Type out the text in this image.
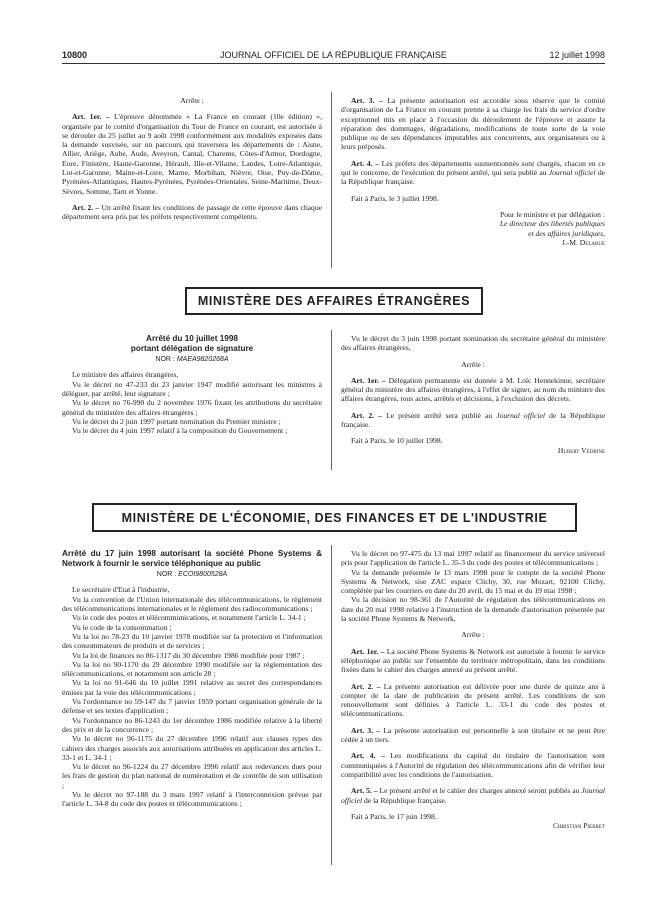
10800	JOURNAL OFFICIEL DE LA RÉPUBLIQUE FRANÇAISE	12 juillet 1998

Arrête :

Art. 1er. – L'épreuve dénommée « La France en courant (10e édition) », organisée par le comité d'organisation du Tour de France en courant, est autorisée à se dérouler du 25 juillet au 9 août 1998 conformément aux modalités exposées dans la demande susvisée, sur un parcours qui traversera les départements de : Aisne, Allier, Ariège, Aube, Aude, Aveyron, Cantal, Charente, Côtes-d'Armor, Dordogne, Eure, Finistère, Haute-Garonne, Hérault, Ille-et-Vilaine, Landes, Loire-Atlantique, Lot-et-Garonne, Maine-et-Loire, Marne, Morbihan, Nièvre, Oise, Puy-de-Dôme, Pyrénées-Atlantiques, Hautes-Pyrénées, Pyrénées-Orientales, Seine-Maritime, Deux-Sèvres, Somme, Tarn et Yonne.

Art. 2. – Un arrêté fixant les conditions de passage de cette épreuve dans chaque département sera pris par les préfets respectivement compétents.

Art. 3. – La présente autorisation est accordée sous réserve que le comité d'organisation de La France en courant prenne à sa charge les frais du service d'ordre exceptionnel mis en place à l'occasion du déroulement de l'épreuve et assure la réparation des dommages, dégradations, modifications de toute sorte de la voie publique ou de ses dépendances imputables aux concurrents, aux organisateurs ou à leurs préposés.

Art. 4. – Les préfets des départements susmentionnés sont chargés, chacun en ce qui le concerne, de l'exécution du présent arrêté, qui sera publié au Journal officiel de la République française.

Fait à Paris, le 3 juillet 1998.

Pour le ministre et par délégation :

Le directeur des libertés publiques

et des affaires juridiques,

J.-M. Delarue

MINISTÈRE DES AFFAIRES ÉTRANGÈRES
Arrêté du 10 juillet 1998
portant délégation de signature
NOR : MAEA9820268A

Le ministre des affaires étrangères,

Vu le décret no 47-233 du 23 janvier 1947 modifié autorisant les ministres à déléguer, par arrêté, leur signature ;

Vu le décret no 76-990 du 2 novembre 1976 fixant les attributions du secrétaire général du ministère des affaires étrangères ;

Vu le décret du 2 juin 1997 portant nomination du Premier ministre ;

Vu le décret du 4 juin 1997 relatif à la composition du Gouvernement ;

Vu le décret du 3 juin 1998 portant nomination du secrétaire général du ministère des affaires étrangères,

Arrête :

Art. 1er. – Délégation permanente est donnée à M. Loïc Hennekinne, secrétaire général du ministère des affaires étrangères, à l'effet de signer, au nom du ministre des affaires étrangères, tous actes, arrêtés et décisions, à l'exclusion des décrets.

Art. 2. – Le présent arrêté sera publié au Journal officiel de la République française.

Fait à Paris, le 10 juillet 1998.

Hubert Védrine

MINISTÈRE DE L'ÉCONOMIE, DES FINANCES ET DE L'INDUSTRIE
Arrêté du 17 juin 1998 autorisant la société Phone Systems & Network à fournir le service téléphonique au public
NOR : ECOI9800528A

Le secrétaire d'Etat à l'industrie,

Vu la convention de l'Union internationale des télécommunications, le règlement des télécommunications internationales et le règlement des radiocommunications ;

Vu le code des postes et télécommunications, et notamment l'article L. 34-1 ;

Vu le code de la consommation ;

Vu la loi no 78-23 du 10 janvier 1978 modifiée sur la protection et l'information des consommateurs de produits et de services ;

Vu la loi de finances no 86-1317 du 30 décembre 1986 modifiée pour 1987 ;

Vu la loi no 90-1170 du 29 décembre 1990 modifiée sur la réglementation des télécommunications, et notamment son article 28 ;

Vu la loi no 91-646 du 10 juillet 1991 relative au secret des correspondances émises par la voie des télécommunications ;

Vu l'ordonnance no 59-147 du 7 janvier 1959 portant organisation générale de la défense et ses textes d'application ;

Vu l'ordonnance no 86-1243 du 1er décembre 1986 modifiée relative à la liberté des prix et de la concurrence ;

Vu le décret no 96-1175 du 27 décembre 1996 relatif aux clauses types des cahiers des charges associés aux autorisations attribuées en application des articles L. 33-1 et L. 34-1 ;

Vu le décret no 96-1224 du 27 décembre 1996 relatif aux redevances dues pour les frais de gestion du plan national de numérotation et de contrôle de son utilisation ;

Vu le décret no 97-188 du 3 mars 1997 relatif à l'interconnexion prévue par l'article L. 34-8 du code des postes et télécommunications ;

Vu le décret no 97-475 du 13 mai 1997 relatif au financement du service universel pris pour l'application de l'article L. 35-3 du code des postes et télécommunications ;

Vu la demande présentée le 13 mars 1998 pour le compte de la société Phone Systems & Network, sise ZAC espace Clichy, 30, rue Mozart, 92100 Clichy, complétée par les courriers en date du 20 avril, du 15 mai et du 19 mai 1998 ;

Vu la décision no 98-361 de l'Autorité de régulation des télécommunications en date du 20 mai 1998 relative à l'instruction de la demande d'autorisation présentée par la société Phone Systems & Network,

Arrête :

Art. 1er. – La société Phone Systems & Network est autorisée à fournir le service téléphonique au public sur l'ensemble du territoire métropolitain, dans les conditions fixées dans le cahier des charges annexé au présent arrêté.

Art. 2. – La présente autorisation est délivrée pour une durée de quinze ans à compter de la date de publication du présent arrêté. Les conditions de son renouvellement sont définies à l'article L. 33-1 du code des postes et télécommunications.

Art. 3. – La présente autorisation est personnelle à son titulaire et ne peut être cédée à un tiers.

Art. 4. – Les modifications du capital du titulaire de l'autorisation sont communiquées à l'Autorité de régulation des télécommunications afin de vérifier leur compatibilité avec les conditions de l'autorisation.

Art. 5. – Le présent arrêté et le cahier des charges annexé seront publiés au Journal officiel de la République française.

Fait à Paris, le 17 juin 1998.

Christian Pierret
